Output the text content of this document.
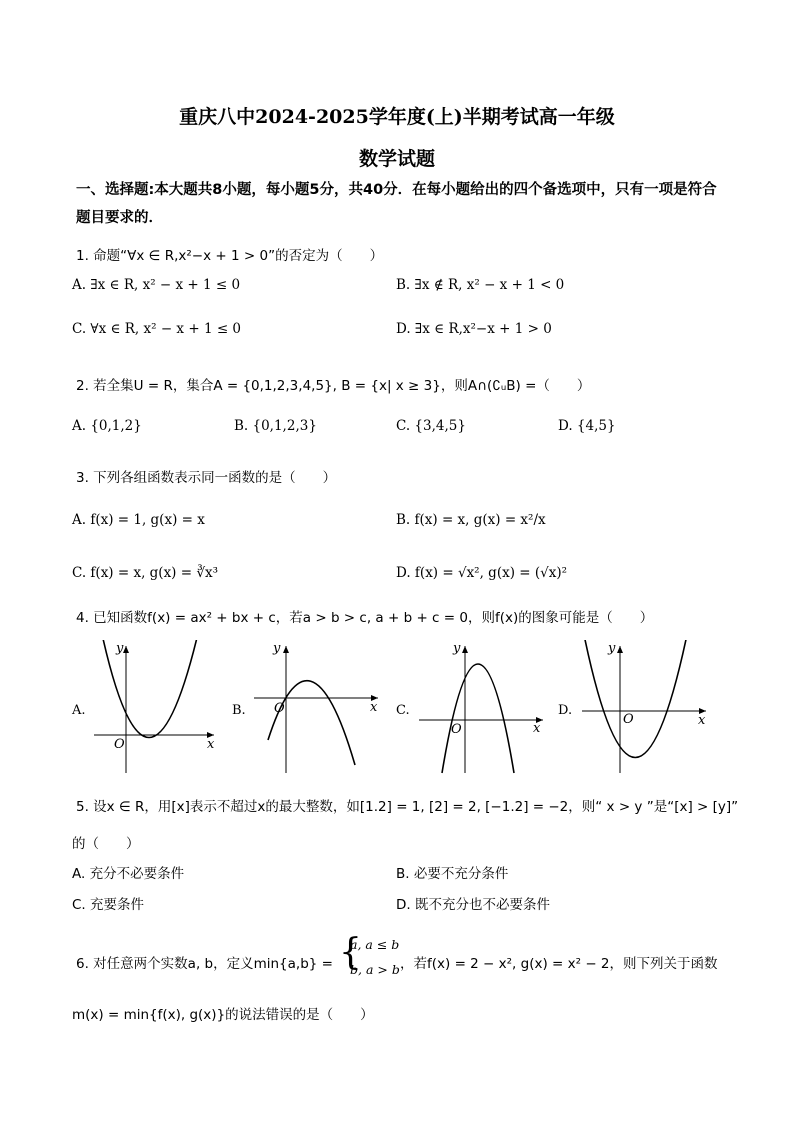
重庆八中2024-2025学年度(上)半期考试高一年级
数学试题
一、选择题:本大题共8小题，每小题5分，共40分．在每小题给出的四个备选项中，只有一项是符合题目要求的．
1. 命题“∀x ∈ R,x²−x + 1 > 0”的否定为（　　）
A. ∃x ∈ R, x² − x + 1 ≤ 0	B. ∃x ∉ R, x² − x + 1 < 0
C. ∀x ∈ R, x² − x + 1 ≤ 0	D. ∃x ∈ R,x²−x + 1 > 0
2. 若全集U = R，集合A = {0,1,2,3,4,5}, B = {x| x ≥ 3}，则A∩(∁ᵤB) =（　　）
A. {0,1,2}	B. {0,1,2,3}	C. {3,4,5}	D. {4,5}
3. 下列各组函数表示同一函数的是（　　）
A. f(x) = 1, g(x) = x	B. f(x) = x, g(x) = x²/x
C. f(x) = x, g(x) = ∛x³	D. f(x) = √x², g(x) = (√x)²
4. 已知函数f(x) = ax² + bx + c，若a > b > c, a + b + c = 0，则f(x)的图象可能是（　　）
A.
y
x
O
B.
y
x
O	C.
y
x
O
D.
y
x
O
5. 设x ∈ R，用[x]表示不超过x的最大整数，如[1.2] = 1, [2] = 2, [−1.2] = −2，则“ x > y ”是“[x] > [y]”
的（　　）
A. 充分不必要条件	B. 必要不充分条件
C. 充要条件	D. 既不充分也不必要条件
6. 对任意两个实数a, b，定义min{a,b} = {
a, a ≤ b
b, a > b ，若f(x) = 2 − x², g(x) = x² − 2，则下列关于函数
m(x) = min{f(x), g(x)}的说法错误的是（　　）
